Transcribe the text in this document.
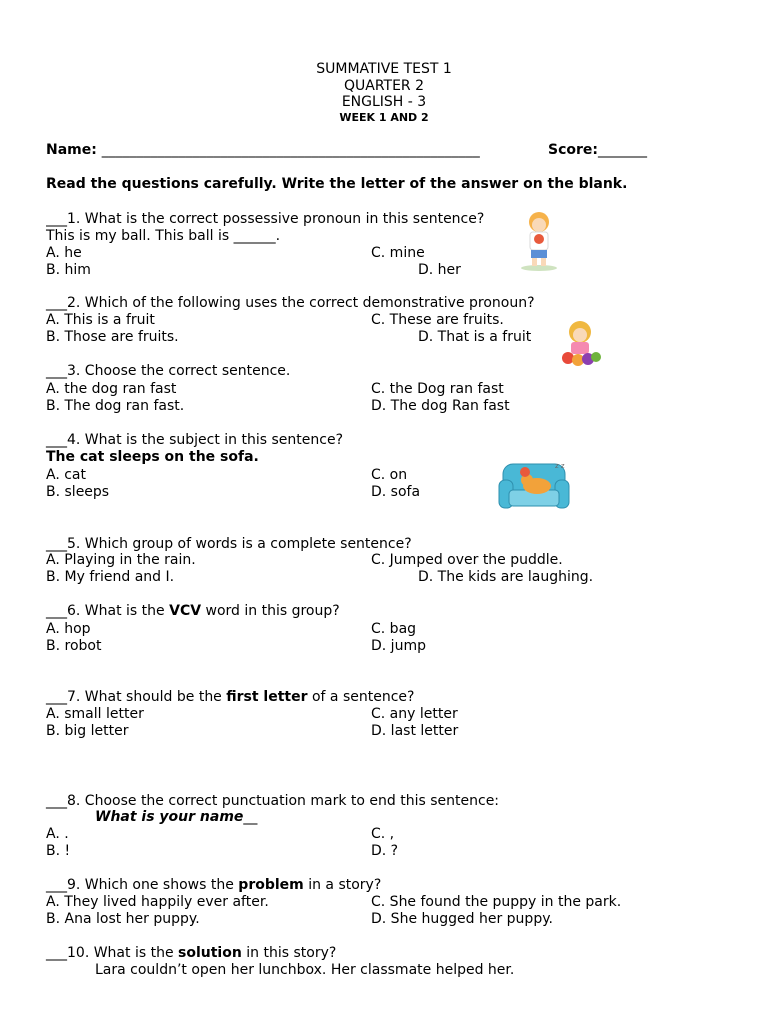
SUMMATIVE TEST 1
QUARTER 2
ENGLISH - 3
WEEK 1 AND 2
Name: ______________________________________________________	Score:_______
Read the questions carefully. Write the letter of the answer on the blank.
___1. What is the correct possessive pronoun in this sentence?
This is my ball. This ball is ______.
A. he	C. mine
B. him	D. her
___2. Which of the following uses the correct demonstrative pronoun?
A. This is a fruit	C. These are fruits.
B. Those are fruits.	D. That is a fruit
___3. Choose the correct sentence.
A. the dog ran fast	C. the Dog ran fast
B. The dog ran fast.	D. The dog Ran fast
___4. What is the subject in this sentence?
The cat sleeps on the sofa.
A. cat	C. on
B. sleeps	D. sofa
z z
___5. Which group of words is a complete sentence?
A. Playing in the rain.	C. Jumped over the puddle.
B. My friend and I.	D. The kids are laughing.
___6. What is the VCV word in this group?
A. hop	C. bag
B. robot	D. jump
___7. What should be the first letter of a sentence?
A. small letter	C. any letter
B. big letter	D. last letter
___8. Choose the correct punctuation mark to end this sentence:
What is your name__
A. .	C. ,
B. !	D. ?
___9. Which one shows the problem in a story?
A. They lived happily ever after.	C. She found the puppy in the park.
B. Ana lost her puppy.	D. She hugged her puppy.
___10. What is the solution in this story?
Lara couldn’t open her lunchbox. Her classmate helped her.
